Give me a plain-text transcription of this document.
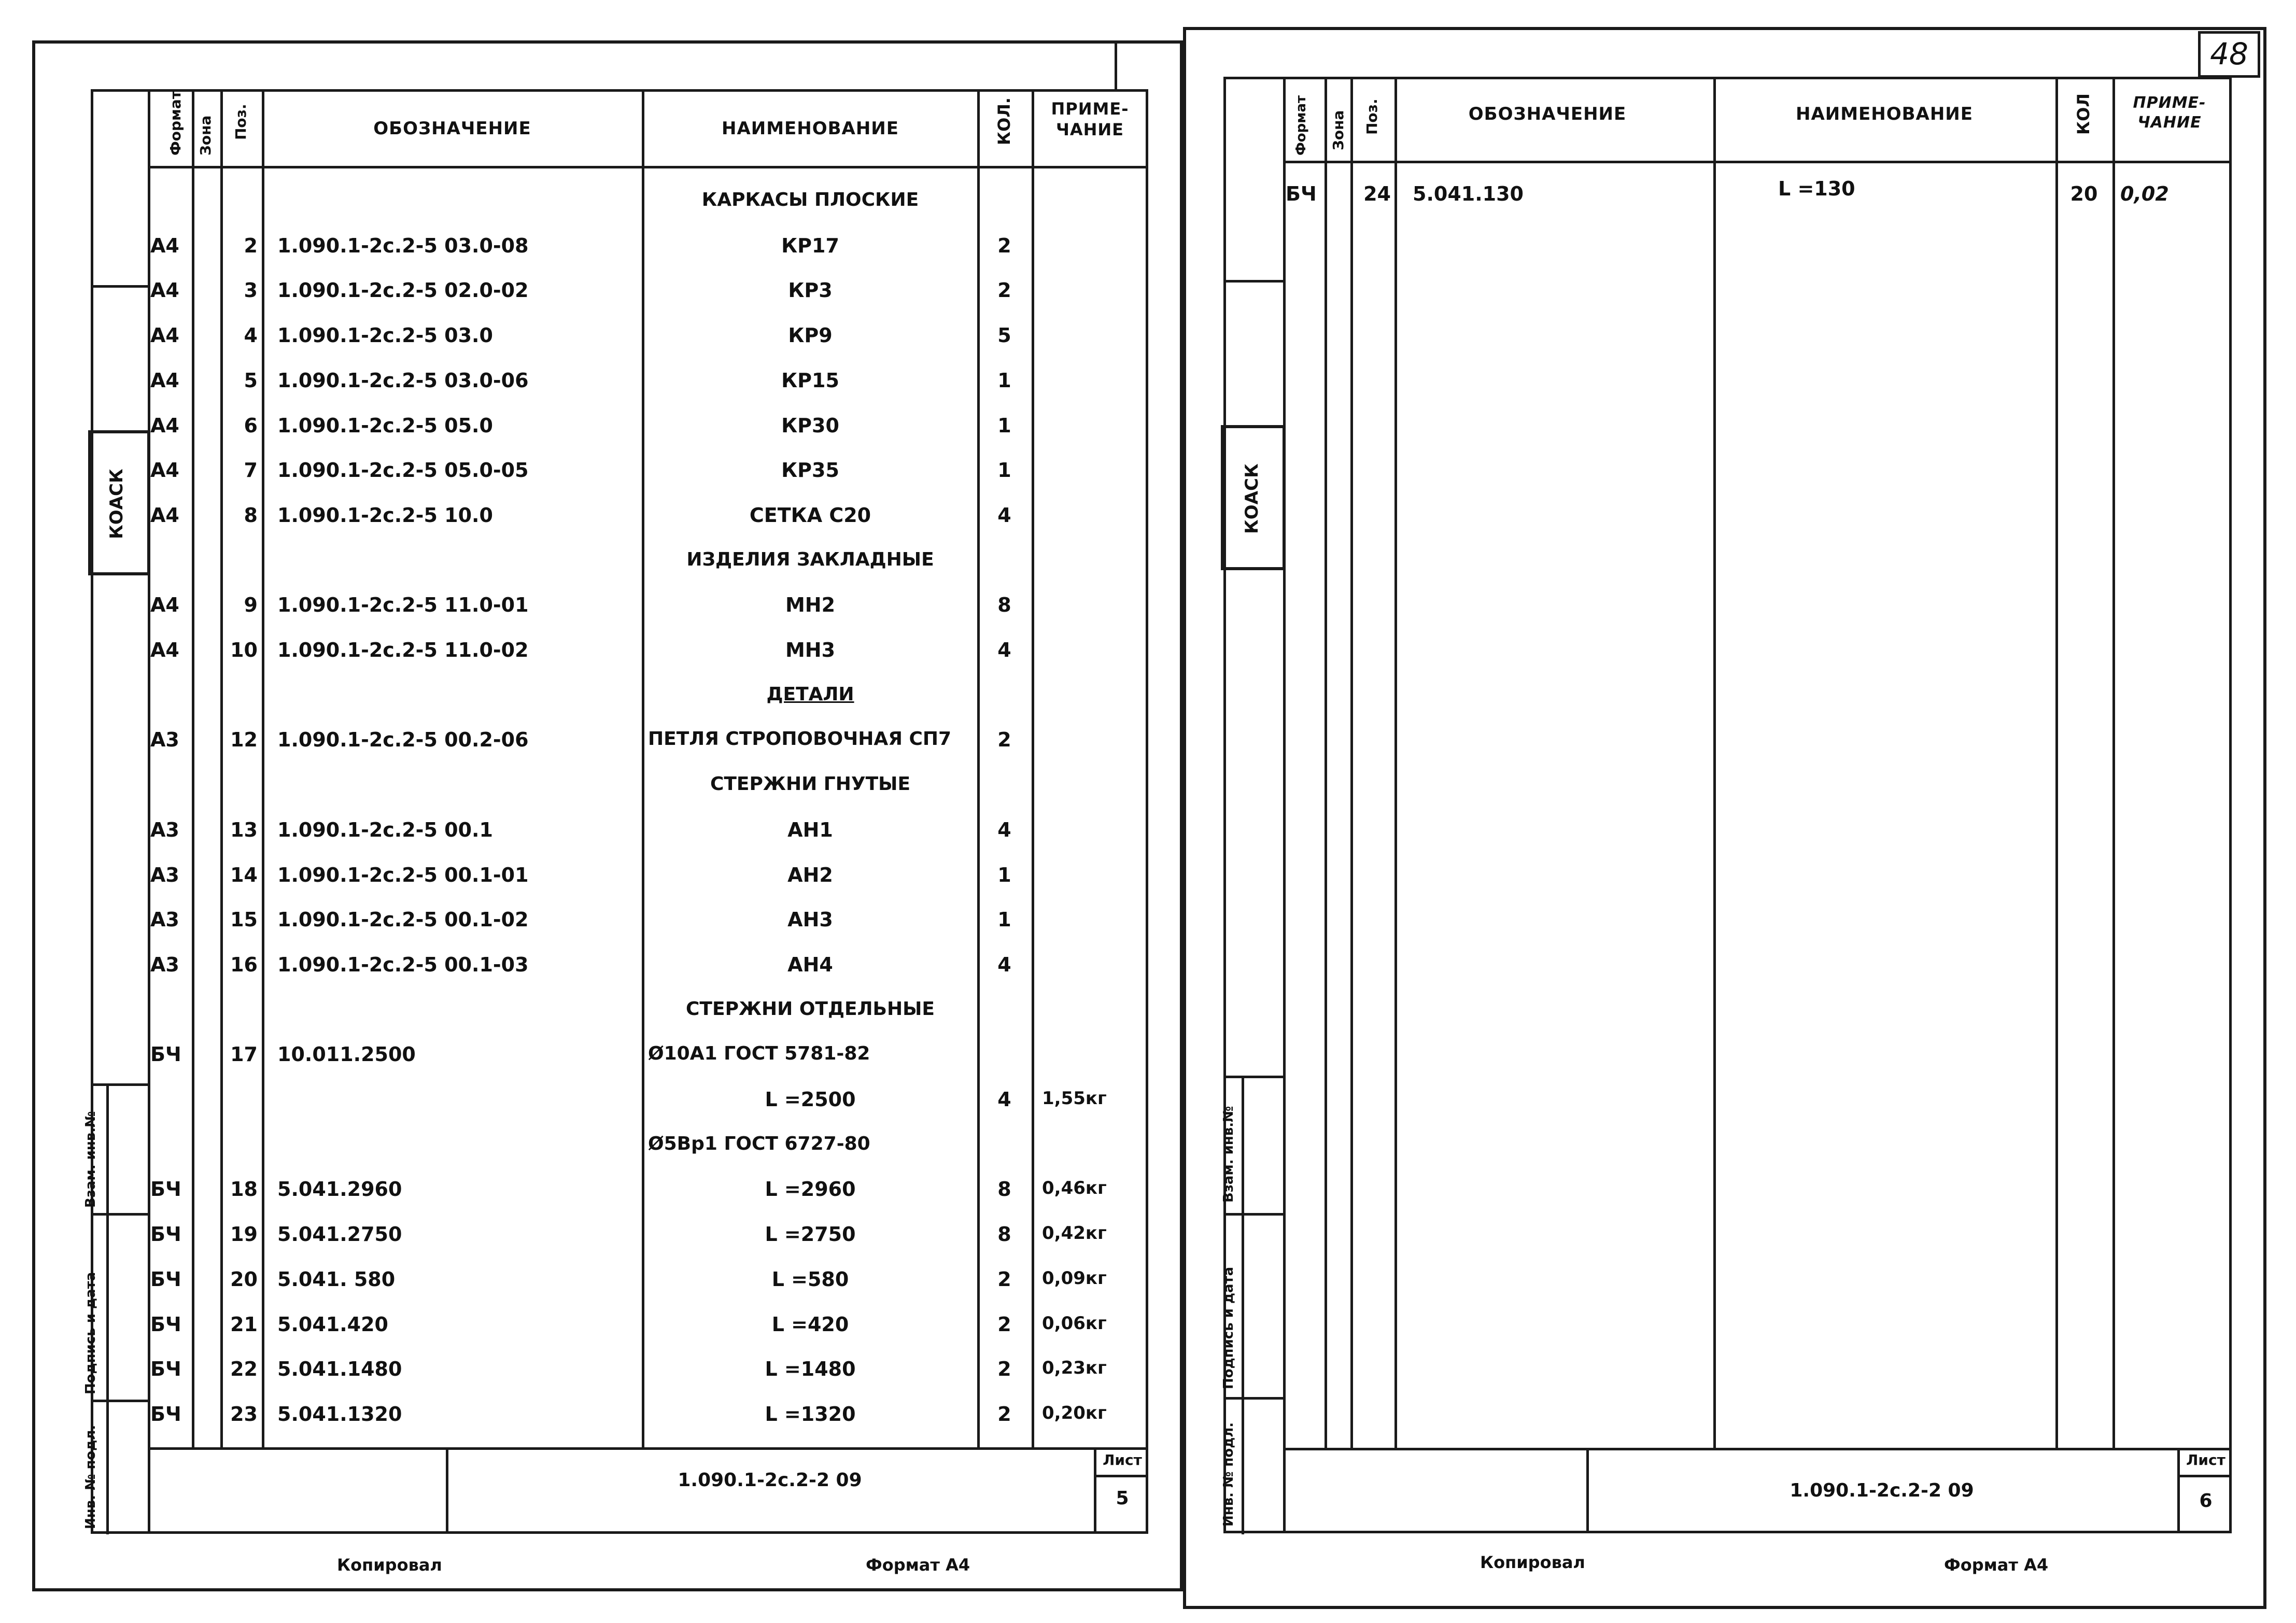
48
Формат Зона Поз.	ОБОЗНАЧЕНИЕ	НАИМЕНОВАНИЕ	КОЛ.	ПРИМЕ-ЧАНИЕ
КОАСК
Взам. инв.№
Подпись и дата
Инв. № подл.
КАРКАСЫ ПЛОСКИЕ
А4	2 1.090.1-2с.2-5 03.0-08	КР17	2
А4	3 1.090.1-2с.2-5 02.0-02	КР3	2
А4	4 1.090.1-2с.2-5 03.0	КР9	5
А4	5 1.090.1-2с.2-5 03.0-06	КР15	1
А4	6 1.090.1-2с.2-5 05.0	КР30	1
А4	7 1.090.1-2с.2-5 05.0-05	КР35	1
А4	8 1.090.1-2с.2-5 10.0	СЕТКА С20	4
ИЗДЕЛИЯ ЗАКЛАДНЫЕ
А4	9 1.090.1-2с.2-5 11.0-01	МН2	8
А4	10 1.090.1-2с.2-5 11.0-02	МН3	4
ДЕТАЛИ
А3	12 1.090.1-2с.2-5 00.2-06	ПЕТЛЯ СТРОПОВОЧНАЯ СП7	2
СТЕРЖНИ ГНУТЫЕ
А3	13 1.090.1-2с.2-5 00.1	АН1	4
А3	14 1.090.1-2с.2-5 00.1-01	АН2	1
А3	15 1.090.1-2с.2-5 00.1-02	АН3	1
А3	16 1.090.1-2с.2-5 00.1-03	АН4	4
СТЕРЖНИ ОТДЕЛЬНЫЕ
БЧ	17 10.011.2500	Ø10А1 ГОСТ 5781-82
L =2500	4	1,55кг
Ø5Вр1 ГОСТ 6727-80
БЧ	18 5.041.2960	L =2960	8	0,46кг
БЧ	19 5.041.2750	L =2750	8	0,42кг
БЧ	20 5.041. 580	L =580	2	0,09кг
БЧ	21 5.041.420	L =420	2	0,06кг
БЧ	22 5.041.1480	L =1480	2	0,23кг
БЧ	23 5.041.1320	L =1320	2	0,20кг
1.090.1-2с.2-2 09
Лист
5
Копировал	Формат А4
Формат Зона Поз.	ОБОЗНАЧЕНИЕ	НАИМЕНОВАНИЕ	КОЛ	ПРИМЕ-ЧАНИЕ
КОАСК
Взам. инв.№
Подпись и дата
Инв. № подл.
БЧ	24 5.041.130	L =130	20	0,02
1.090.1-2с.2-2 09
Лист
6
Копировал	Формат А4
